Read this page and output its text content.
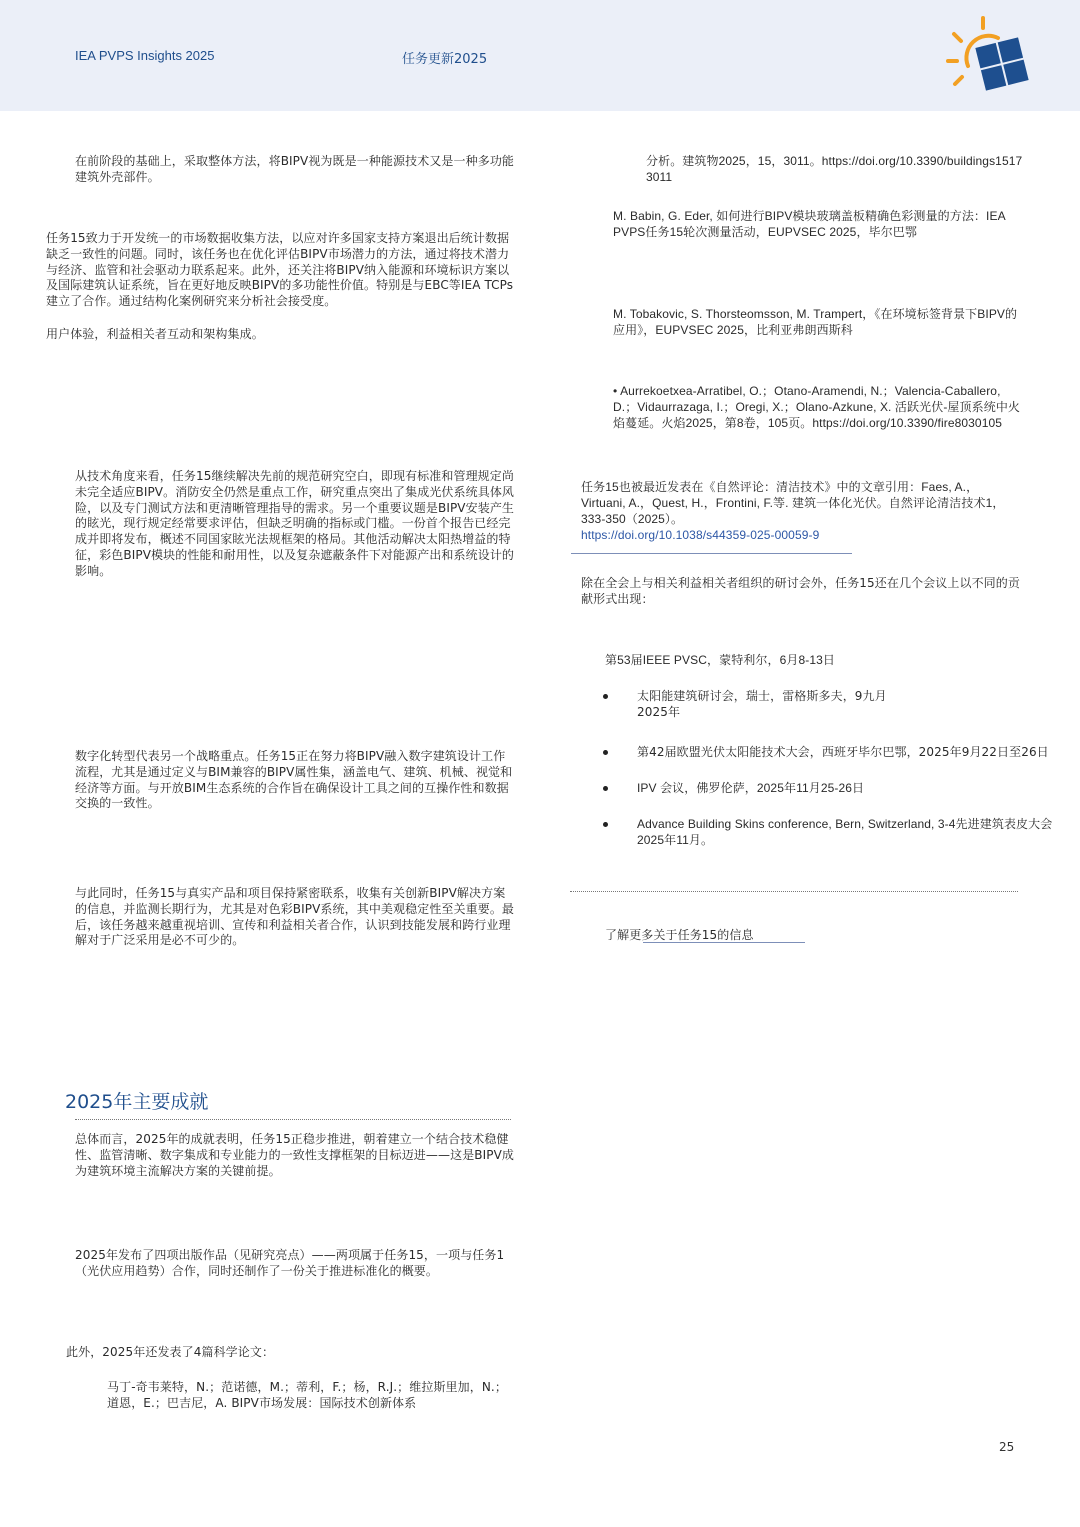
IEA PVPS Insights 2025	任务更新2025

在前阶段的基础上，采取整体方法，将BIPV视为既是一种能源技术又是一种多功能建筑外壳部件。

任务15致力于开发统一的市场数据收集方法，以应对许多国家支持方案退出后统计数据缺乏一致性的问题。同时，该任务也在优化评估BIPV市场潜力的方法，通过将技术潜力与经济、监管和社会驱动力联系起来。此外，还关注将BIPV纳入能源和环境标识方案以及国际建筑认证系统，旨在更好地反映BIPV的多功能性价值。特别是与EBC等IEA TCPs建立了合作。通过结构化案例研究来分析社会接受度。

用户体验，利益相关者互动和架构集成。

从技术角度来看，任务15继续解决先前的规范研究空白，即现有标准和管理规定尚未完全适应BIPV。消防安全仍然是重点工作，研究重点突出了集成光伏系统具体风险，以及专门测试方法和更清晰管理指导的需求。另一个重要议题是BIPV安装产生的眩光，现行规定经常要求评估，但缺乏明确的指标或门槛。一份首个报告已经完成并即将发布，概述不同国家眩光法规框架的格局。其他活动解决太阳热增益的特征，彩色BIPV模块的性能和耐用性，以及复杂遮蔽条件下对能源产出和系统设计的影响。

数字化转型代表另一个战略重点。任务15正在努力将BIPV融入数字建筑设计工作流程，尤其是通过定义与BIM兼容的BIPV属性集，涵盖电气、建筑、机械、视觉和经济等方面。与开放BIM生态系统的合作旨在确保设计工具之间的互操作性和数据交换的一致性。

与此同时，任务15与真实产品和项目保持紧密联系，收集有关创新BIPV解决方案的信息，并监测长期行为，尤其是对色彩BIPV系统，其中美观稳定性至关重要。最后，该任务越来越重视培训、宣传和利益相关者合作，认识到技能发展和跨行业理解对于广泛采用是必不可少的。

2025年主要成就

总体而言，2025年的成就表明，任务15正稳步推进，朝着建立一个结合技术稳健性、监管清晰、数字集成和专业能力的一致性支撑框架的目标迈进——这是BIPV成为建筑环境主流解决方案的关键前提。

2025年发布了四项出版作品（见研究亮点）——两项属于任务15，一项与任务1（光伏应用趋势）合作，同时还制作了一份关于推进标准化的概要。

此外，2025年还发表了4篇科学论文：

马丁-奇韦莱特，N.；范诺德，M.；蒂利，F.；杨，R.J.；维拉斯里加，N.；道恩，E.；巴吉尼，A. BIPV市场发展：国际技术创新体系

分析。建筑物2025，15，3011。https://doi.org/10.3390/buildings15173011

M. Babin, G. Eder, 如何进行BIPV模块玻璃盖板精确色彩测量的方法：IEA PVPS任务15轮次测量活动，EUPVSEC 2025，毕尔巴鄂

M. Tobakovic, S. Thorsteomsson, M. Trampert，《在环境标签背景下BIPV的应用》，EUPVSEC 2025，比利亚弗朗西斯科

• Aurrekoetxea-Arratibel, O.；Otano-Aramendi, N.；Valencia-Caballero, D.；Vidaurrazaga, I.；Oregi, X.；Olano-Azkune, X. 活跃光伏-屋顶系统中火焰蔓延。火焰2025，第8卷，105页。https://doi.org/10.3390/fire8030105

任务15也被最近发表在《自然评论：清洁技术》中的文章引用：Faes, A.，Virtuani, A.，Quest, H.，Frontini, F.等. 建筑一体化光伏。自然评论清洁技术1，333-350（2025）。

https://doi.org/10.1038/s44359-025-00059-9

除在全会上与相关利益相关者组织的研讨会外，任务15还在几个会议上以不同的贡献形式出现：

第53届IEEE PVSC，蒙特利尔，6月8-13日

太阳能建筑研讨会，瑞士，雷格斯多夫，9九月2025年

第42届欧盟光伏太阳能技术大会，西班牙毕尔巴鄂，2025年9月22日至26日

IPV 会议，佛罗伦萨，2025年11月25-26日

Advance Building Skins conference, Bern, Switzerland, 3-4先进建筑表皮大会2025年11月。

了解更多关于任务15的信息
25
